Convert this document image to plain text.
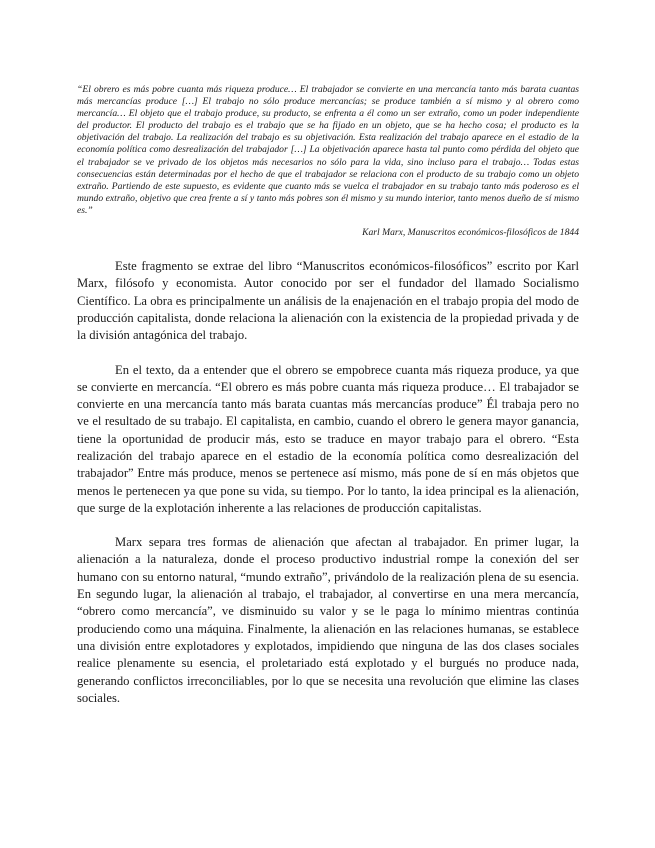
“El obrero es más pobre cuanta más riqueza produce… El trabajador se convierte en una mercancía tanto más barata cuantas más mercancías produce […] El trabajo no sólo produce mercancías; se produce también a sí mismo y al obrero como mercancía… El objeto que el trabajo produce, su producto, se enfrenta a él como un ser extraño, como un poder independiente del productor. El producto del trabajo es el trabajo que se ha fijado en un objeto, que se ha hecho cosa; el producto es la objetivación del trabajo. La realización del trabajo es su objetivación. Esta realización del trabajo aparece en el estadio de la economía política como desrealización del trabajador […] La objetivación aparece hasta tal punto como pérdida del objeto que el trabajador se ve privado de los objetos más necesarios no sólo para la vida, sino incluso para el trabajo… Todas estas consecuencias están determinadas por el hecho de que el trabajador se relaciona con el producto de su trabajo como un objeto extraño. Partiendo de este supuesto, es evidente que cuanto más se vuelca el trabajador en su trabajo tanto más poderoso es el mundo extraño, objetivo que crea frente a sí y tanto más pobres son él mismo y su mundo interior, tanto menos dueño de sí mismo es.”

Karl Marx, Manuscritos económicos-filosóficos de 1844

Este fragmento se extrae del libro “Manuscritos económicos-filosóficos” escrito por Karl Marx, filósofo y economista. Autor conocido por ser el fundador del llamado Socialismo Científico. La obra es principalmente un análisis de la enajenación en el trabajo propia del modo de producción capitalista, donde relaciona la alienación con la existencia de la propiedad privada y de la división antagónica del trabajo.

En el texto, da a entender que el obrero se empobrece cuanta más riqueza produce, ya que se convierte en mercancía. “El obrero es más pobre cuanta más riqueza produce… El trabajador se convierte en una mercancía tanto más barata cuantas más mercancías produce” Él trabaja pero no ve el resultado de su trabajo. El capitalista, en cambio, cuando el obrero le genera mayor ganancia, tiene la oportunidad de producir más, esto se traduce en mayor trabajo para el obrero. “Esta realización del trabajo aparece en el estadio de la economía política como desrealización del trabajador” Entre más produce, menos se pertenece así mismo, más pone de sí en más objetos que menos le pertenecen ya que pone su vida, su tiempo. Por lo tanto, la idea principal es la alienación, que surge de la explotación inherente a las relaciones de producción capitalistas.

Marx separa tres formas de alienación que afectan al trabajador. En primer lugar, la alienación a la naturaleza, donde el proceso productivo industrial rompe la conexión del ser humano con su entorno natural, “mundo extraño”, privándolo de la realización plena de su esencia. En segundo lugar, la alienación al trabajo, el trabajador, al convertirse en una mera mercancía, “obrero como mercancía”, ve disminuido su valor y se le paga lo mínimo mientras continúa produciendo como una máquina. Finalmente, la alienación en las relaciones humanas, se establece una división entre explotadores y explotados, impidiendo que ninguna de las dos clases sociales realice plenamente su esencia, el proletariado está explotado y el burgués no produce nada, generando conflictos irreconciliables, por lo que se necesita una revolución que elimine las clases sociales.
